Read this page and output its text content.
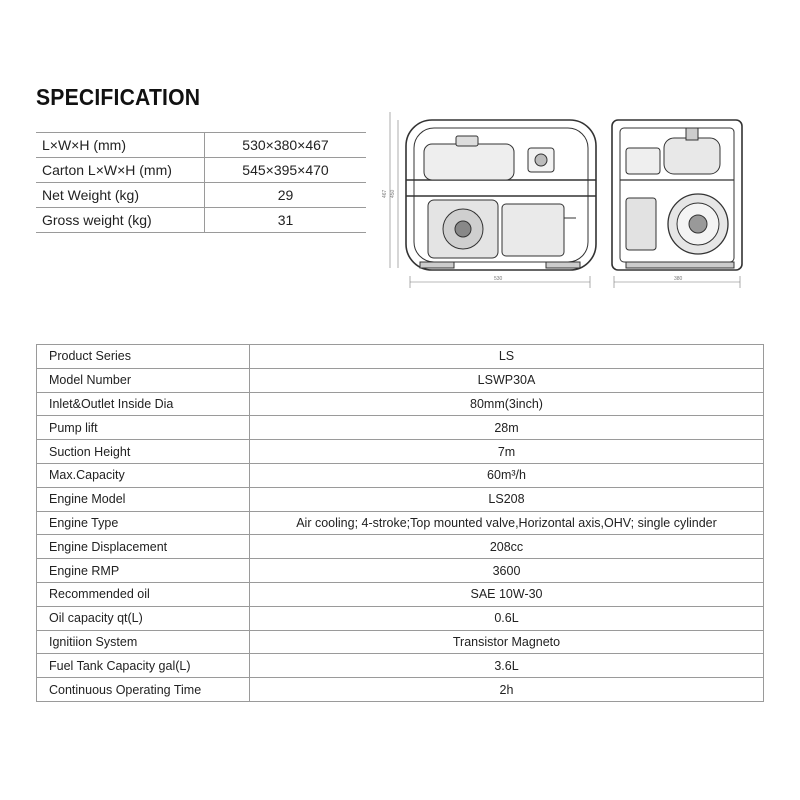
SPECIFICATION
L×W×H (mm)	530×380×467
Carton L×W×H (mm)	545×395×470
Net Weight (kg)	29
Gross weight (kg)	31
467 450
530	380
Product Series	LS
Model Number	LSWP30A
Inlet&Outlet Inside Dia	80mm(3inch)
Pump lift	28m
Suction Height	7m
Max.Capacity	60m³/h
Engine Model	LS208
Engine Type	Air cooling; 4-stroke;Top mounted valve,Horizontal axis,OHV; single cylinder
Engine Displacement	208cc
Engine RMP	3600
Recommended oil	SAE 10W-30
Oil capacity qt(L)	0.6L
Ignitiion System	Transistor Magneto
Fuel Tank Capacity gal(L)	3.6L
Continuous Operating Time	2h
